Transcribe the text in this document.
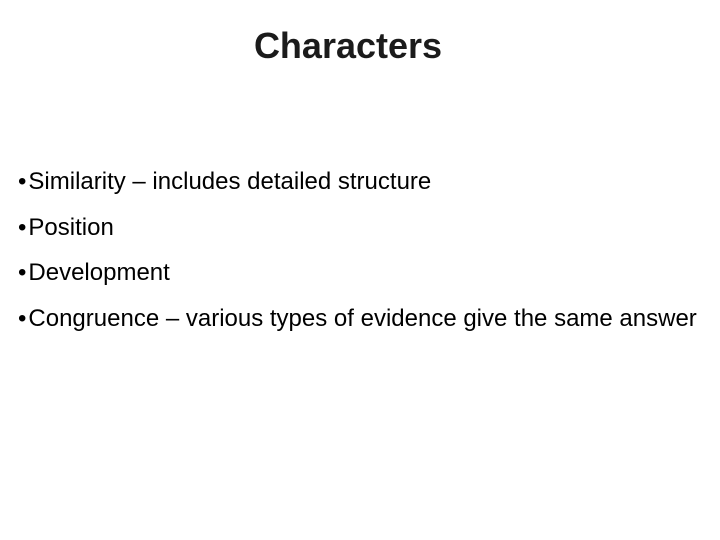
Characters
•Similarity – includes detailed structure
•Position
•Development
•Congruence – various types of evidence give the same answer
